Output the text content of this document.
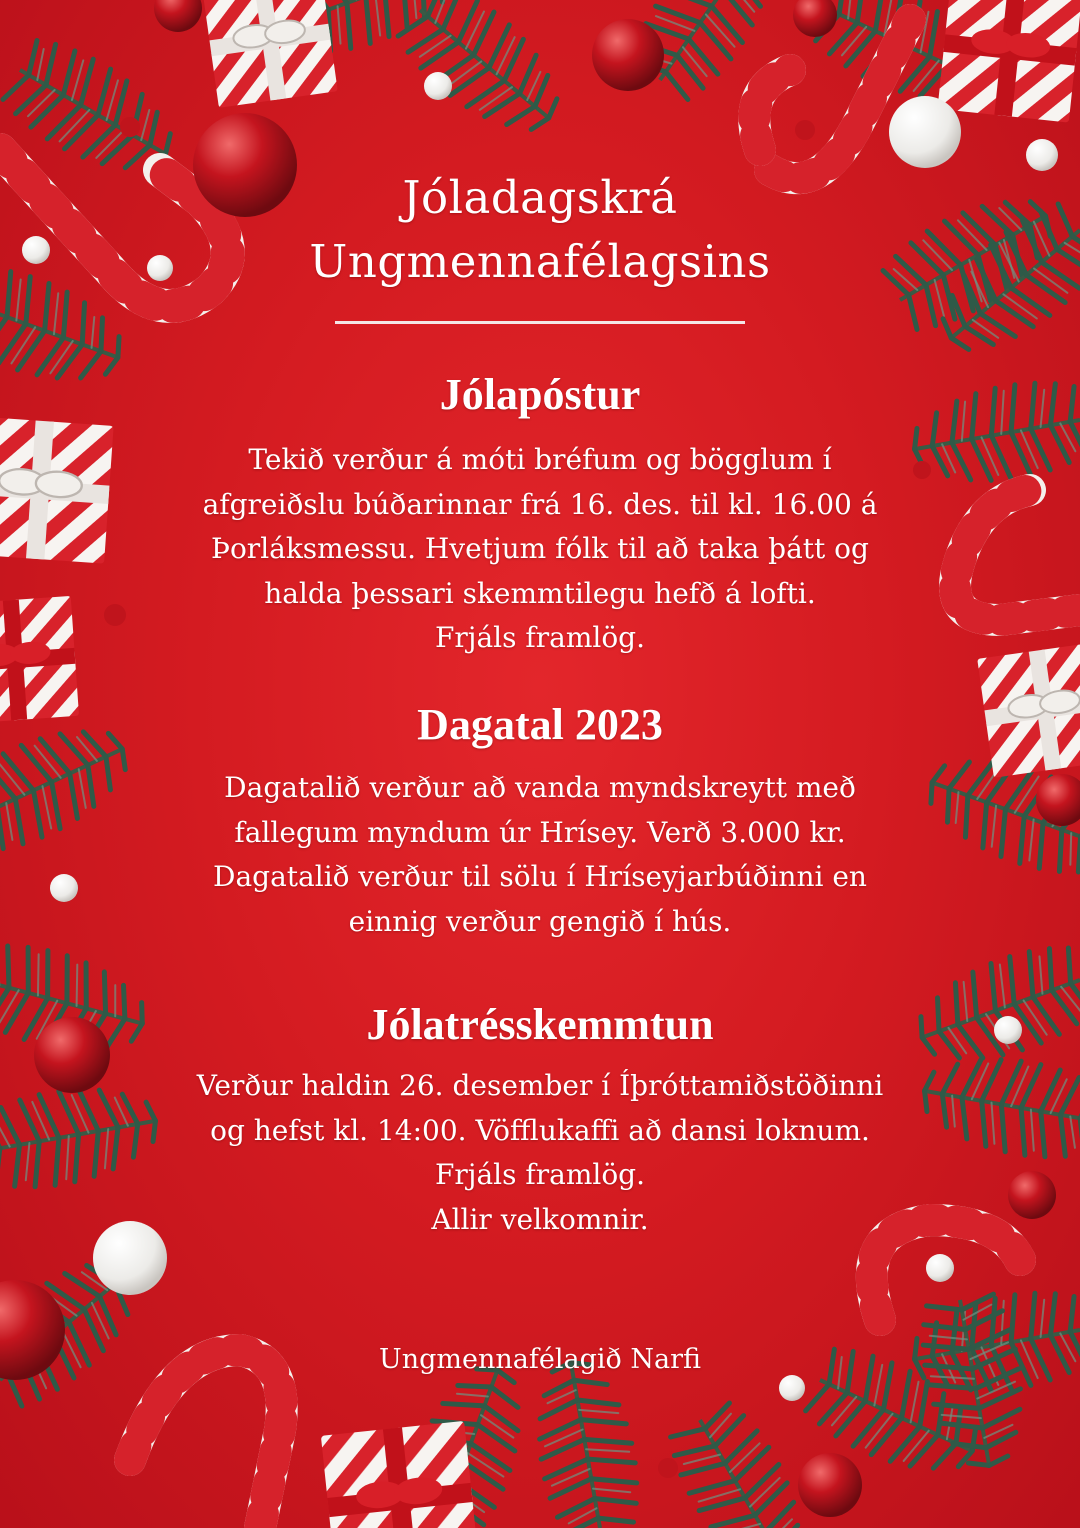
Jóladagskrá
Ungmennafélagsins
Jólapóstur
Tekið verður á móti bréfum og bögglum í
afgreiðslu búðarinnar frá 16. des. til kl. 16.00 á
Þorláksmessu. Hvetjum fólk til að taka þátt og
halda þessari skemmtilegu hefð á lofti.
Frjáls framlög.
Dagatal 2023
Dagatalið verður að vanda myndskreytt með
fallegum myndum úr Hrísey. Verð 3.000 kr.
Dagatalið verður til sölu í Hríseyjarbúðinni en
einnig verður gengið í hús.
Jólatrésskemmtun
Verður haldin 26. desember í Íþróttamiðstöðinni
og hefst kl. 14:00. Vöfflukaffi að dansi loknum.
Frjáls framlög.
Allir velkomnir.
Ungmennafélagið Narfi
